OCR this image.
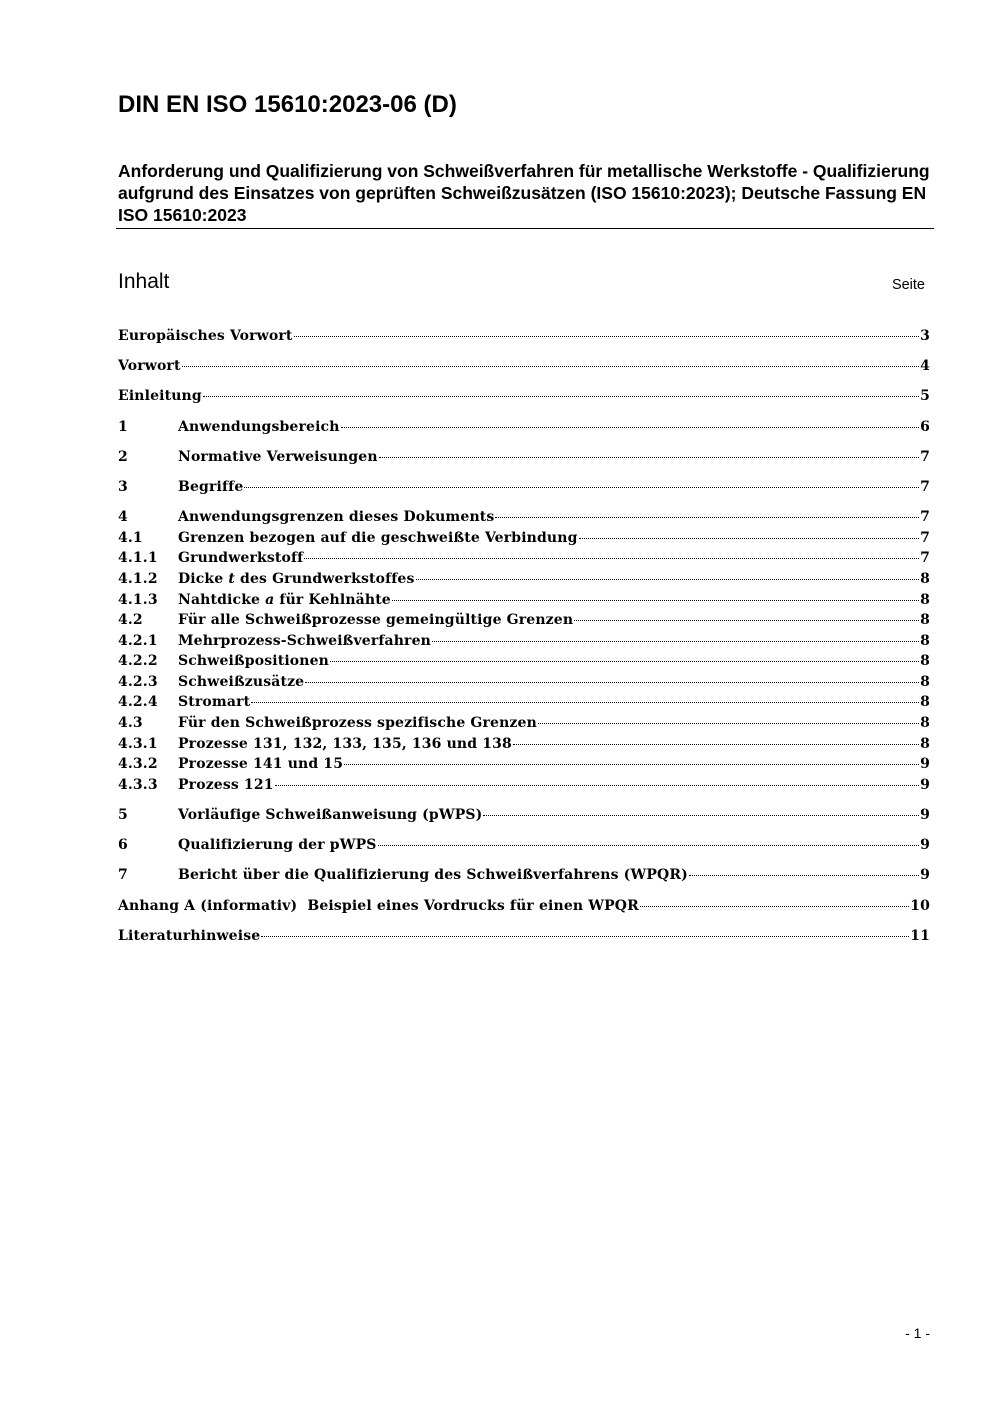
DIN EN ISO 15610:2023-06 (D)

Anforderung und Qualifizierung von Schweißverfahren für metallische Werkstoffe - Qualifizierung aufgrund des Einsatzes von geprüften Schweißzusätzen (ISO 15610:2023); Deutsche Fassung EN ISO 15610:2023

Inhalt	Seite
Europäisches Vorwort	3
Vorwort	4
Einleitung	5
1	Anwendungsbereich	6
2	Normative Verweisungen	7
3	Begriffe	7
4	Anwendungsgrenzen dieses Dokuments	7
4.1	Grenzen bezogen auf die geschweißte Verbindung	7
4.1.1	Grundwerkstoff	7
4.1.2	Dicke t des Grundwerkstoffes	8
4.1.3	Nahtdicke a für Kehlnähte	8
4.2	Für alle Schweißprozesse gemeingültige Grenzen	8
4.2.1	Mehrprozess-Schweißverfahren	8
4.2.2	Schweißpositionen	8
4.2.3	Schweißzusätze	8
4.2.4	Stromart	8
4.3	Für den Schweißprozess spezifische Grenzen	8
4.3.1	Prozesse 131, 132, 133, 135, 136 und 138	8
4.3.2	Prozesse 141 und 15	9
4.3.3	Prozess 121	9
5	Vorläufige Schweißanweisung (pWPS)	9
6	Qualifizierung der pWPS	9
7	Bericht über die Qualifizierung des Schweißverfahrens (WPQR)	9
Anhang A (informativ)  Beispiel eines Vordrucks für einen WPQR	10
Literaturhinweise	11
- 1 -
